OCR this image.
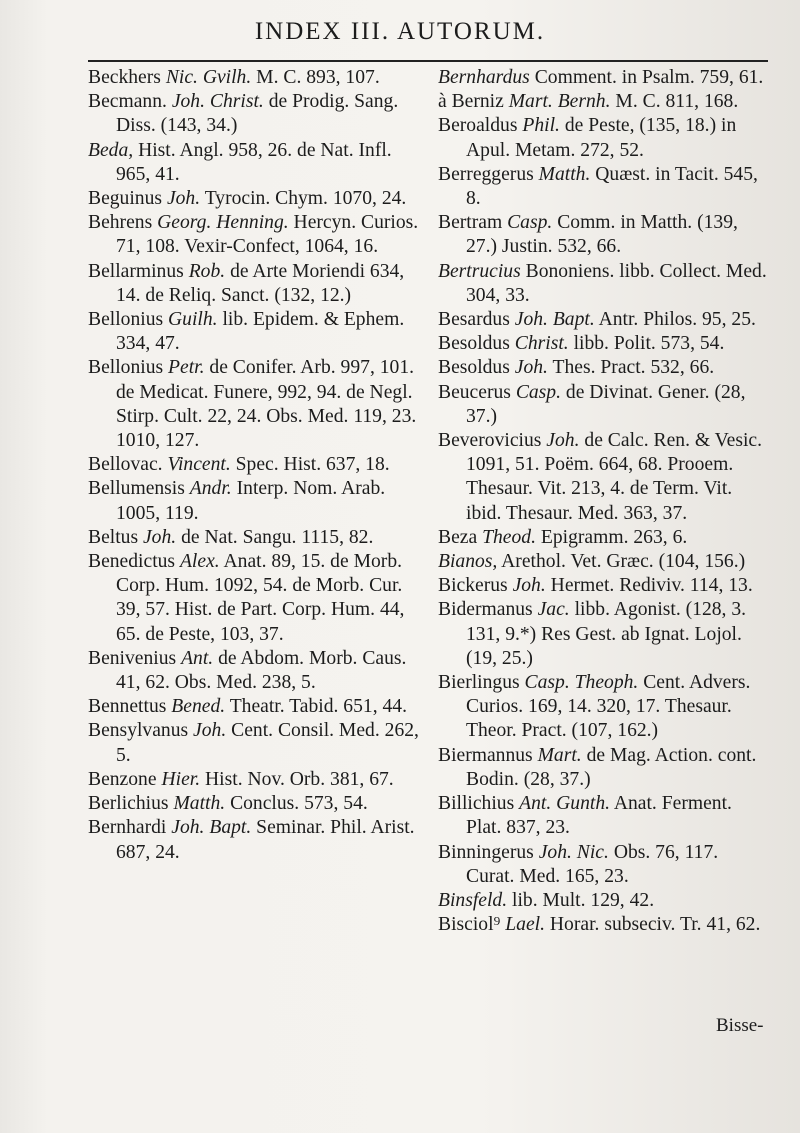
INDEX III. AUTORUM.

Beckhers Nic. Gvilh. M. C. 893, 107.

Becmann. Joh. Christ. de Prodig. Sang. Diss. (143, 34.)

Beda, Hist. Angl. 958, 26. de Nat. Infl. 965, 41.

Beguinus Joh. Tyrocin. Chym. 1070, 24.

Behrens Georg. Henning. Hercyn. Curios. 71, 108. Vexir-Confect, 1064, 16.

Bellarminus Rob. de Arte Moriendi 634, 14. de Reliq. Sanct. (132, 12.)

Bellonius Guilh. lib. Epidem. & Ephem. 334, 47.

Bellonius Petr. de Conifer. Arb. 997, 101. de Medicat. Funere, 992, 94. de Negl. Stirp. Cult. 22, 24. Obs. Med. 119, 23. 1010, 127.

Bellovac. Vincent. Spec. Hist. 637, 18.

Bellumensis Andr. Interp. Nom. Arab. 1005, 119.

Beltus Joh. de Nat. Sangu. 1115, 82.

Benedictus Alex. Anat. 89, 15. de Morb. Corp. Hum. 1092, 54. de Morb. Cur. 39, 57. Hist. de Part. Corp. Hum. 44, 65. de Peste, 103, 37.

Benivenius Ant. de Abdom. Morb. Caus. 41, 62. Obs. Med. 238, 5.

Bennettus Bened. Theatr. Tabid. 651, 44.

Bensylvanus Joh. Cent. Consil. Med. 262, 5.

Benzone Hier. Hist. Nov. Orb. 381, 67.

Berlichius Matth. Conclus. 573, 54.

Bernhardi Joh. Bapt. Seminar. Phil. Arist. 687, 24.

Bernhardus Comment. in Psalm. 759, 61.

à Berniz Mart. Bernh. M. C. 811, 168.

Beroaldus Phil. de Peste, (135, 18.) in Apul. Metam. 272, 52.

Berreggerus Matth. Quæst. in Tacit. 545, 8.

Bertram Casp. Comm. in Matth. (139, 27.) Justin. 532, 66.

Bertrucius Bononiens. libb. Collect. Med. 304, 33.

Besardus Joh. Bapt. Antr. Philos. 95, 25.

Besoldus Christ. libb. Polit. 573, 54.

Besoldus Joh. Thes. Pract. 532, 66.

Beucerus Casp. de Divinat. Gener. (28, 37.)

Beverovicius Joh. de Calc. Ren. & Vesic. 1091, 51. Poëm. 664, 68. Prooem. Thesaur. Vit. 213, 4. de Term. Vit. ibid. Thesaur. Med. 363, 37.

Beza Theod. Epigramm. 263, 6.

Bianos, Arethol. Vet. Græc. (104, 156.)

Bickerus Joh. Hermet. Rediviv. 114, 13.

Bidermanus Jac. libb. Agonist. (128, 3. 131, 9.*) Res Gest. ab Ignat. Lojol. (19, 25.)

Bierlingus Casp. Theoph. Cent. Advers. Curios. 169, 14. 320, 17. Thesaur. Theor. Pract. (107, 162.)

Biermannus Mart. de Mag. Action. cont. Bodin. (28, 37.)

Billichius Ant. Gunth. Anat. Ferment. Plat. 837, 23.

Binningerus Joh. Nic. Obs. 76, 117. Curat. Med. 165, 23.

Binsfeld. lib. Mult. 129, 42.

Bisciol⁹ Lael. Horar. subseciv. Tr. 41, 62.

Bisse-
